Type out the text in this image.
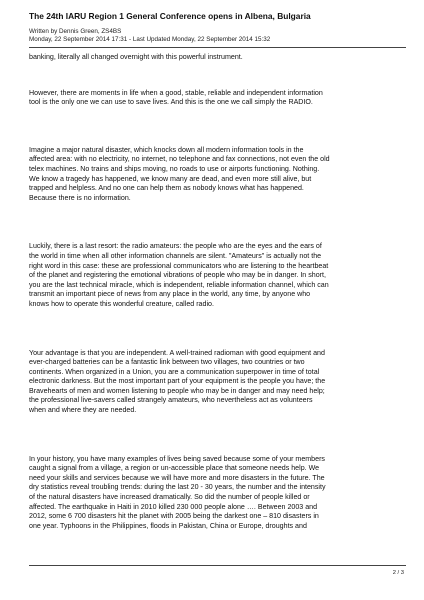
The 24th IARU Region 1 General Conference opens in Albena, Bulgaria
Written by Dennis Green, ZS4BS
Monday, 22 September 2014 17:31 - Last Updated Monday, 22 September 2014 15:32

banking, literally all changed overnight with this powerful instrument.

However, there are moments in life when a good, stable, reliable and independent information
tool is the only one we can use to save lives. And this is the one we call simply the RADIO.

Imagine a major natural disaster, which knocks down all modern information tools in the
affected area: with no electricity, no internet, no telephone and fax connections, not even the old
telex machines. No trains and ships moving, no roads to use or airports functioning. Nothing.
We know a tragedy has happened, we know many are dead, and even more still alive, but
trapped and helpless. And no one can help them as nobody knows what has happened.
Because there is no information.

Luckily, there is a last resort: the radio amateurs: the people who are the eyes and the ears of
the world in time when all other information channels are silent. "Amateurs" is actually not the
right word in this case: these are professional communicators who are listening to the heartbeat
of the planet and registering the emotional vibrations of people who may be in danger. In short,
you are the last technical miracle, which is independent, reliable information channel, which can
transmit an important piece of news from any place in the world, any time, by anyone who
knows how to operate this wonderful creature, called radio.

Your advantage is that you are independent. A well-trained radioman with good equipment and
ever-charged batteries can be a fantastic link between two villages, two countries or two
continents. When organized in a Union, you are a communication superpower in time of total
electronic darkness. But the most important part of your equipment is the people you have; the
Bravehearts of men and women listening to people who may be in danger and may need help;
the professional live-savers called strangely amateurs, who nevertheless act as volunteers
when and where they are needed.

In your history, you have many examples of lives being saved because some of your members
caught a signal from a village, a region or un-accessible place that someone needs help. We
need your skills and services because we will have more and more disasters in the future. The
dry statistics reveal troubling trends: during the last 20 - 30 years, the number and the intensity
of the natural disasters have increased dramatically. So did the number of people killed or
affected. The earthquake in Haiti in 2010 killed 230 000 people alone …. Between 2003 and
2012, some 6 700 disasters hit the planet with 2005 being the darkest one – 810 disasters in
one year. Typhoons in the Philippines, floods in Pakistan, China or Europe, droughts and

2 / 3
